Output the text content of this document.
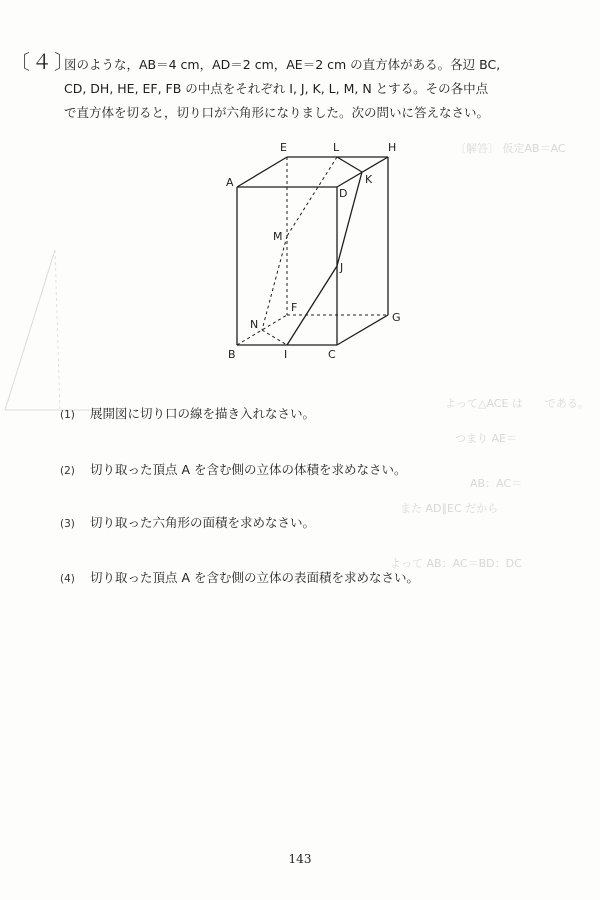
〔解答〕 仮定AB＝AC
よって△ACE は　　である。
つまり AE＝
AB：AC＝
また AD∥EC だから
よって AB：AC＝BD：DC
〔４〕
図のような，AB＝4 cm，AD＝2 cm，AE＝2 cm の直方体がある。各辺 BC,
CD, DH, HE, EF, FB の中点をそれぞれ I, J, K, L, M, N とする。その各中点
で直方体を切ると，切り口が六角形になりました。次の問いに答えなさい。
A
E	L	H
K
D
M
J
F
G
N
B	I	C
(1) 展開図に切り口の線を描き入れなさい。
(2) 切り取った頂点 A を含む側の立体の体積を求めなさい。
(3) 切り取った六角形の面積を求めなさい。
(4) 切り取った頂点 A を含む側の立体の表面積を求めなさい。
143
